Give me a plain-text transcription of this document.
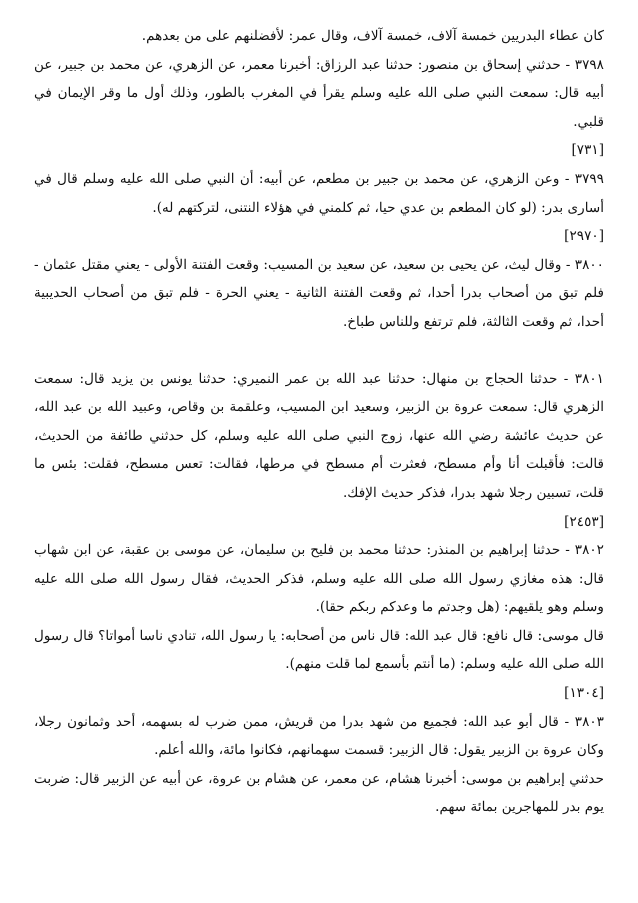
كان عطاء البدريين خمسة آلاف، خمسة آلاف، وقال عمر: لأفضلنهم على من بعدهم.

٣٧٩٨ - حدثني إسحاق بن منصور: حدثنا عبد الرزاق: أخبرنا معمر، عن الزهري، عن محمد بن جبير، عن أبيه قال: سمعت النبي صلى الله عليه وسلم يقرأ في المغرب بالطور، وذلك أول ما وقر الإيمان في قلبي.

[٧٣١]

٣٧٩٩ - وعن الزهري، عن محمد بن جبير بن مطعم، عن أبيه: أن النبي صلى الله عليه وسلم قال في أسارى بدر: (لو كان المطعم بن عدي حيا، ثم كلمني في هؤلاء النتنى، لتركتهم له).

[٢٩٧٠]

٣٨٠٠ - وقال ليث، عن يحيى بن سعيد، عن سعيد بن المسيب: وقعت الفتنة الأولى - يعني مقتل عثمان - فلم تبق من أصحاب بدرا أحدا، ثم وقعت الفتنة الثانية - يعني الحرة - فلم تبق من أصحاب الحديبية أحدا، ثم وقعت الثالثة، فلم ترتفع وللناس طباخ.

٣٨٠١ - حدثنا الحجاج بن منهال: حدثنا عبد الله بن عمر النميري: حدثنا يونس بن يزيد قال: سمعت الزهري قال: سمعت عروة بن الزبير، وسعيد ابن المسيب، وعلقمة بن وقاص، وعبيد الله بن عبد الله، عن حديث عائشة رضي الله عنها، زوج النبي صلى الله عليه وسلم، كل حدثني طائفة من الحديث، قالت: فأقبلت أنا وأم مسطح، فعثرت أم مسطح في مرطها، فقالت: تعس مسطح، فقلت: بئس ما قلت، تسبين رجلا شهد بدرا، فذكر حديث الإفك.

[٢٤٥٣]

٣٨٠٢ - حدثنا إبراهيم بن المنذر: حدثنا محمد بن فليح بن سليمان، عن موسى بن عقبة، عن ابن شهاب قال: هذه مغازي رسول الله صلى الله عليه وسلم، فذكر الحديث، فقال رسول الله صلى الله عليه وسلم وهو يلقيهم: (هل وجدتم ما وعدكم ربكم حقا).

قال موسى: قال نافع: قال عبد الله: قال ناس من أصحابه: يا رسول الله، تنادي ناسا أمواتا؟ قال رسول الله صلى الله عليه وسلم: (ما أنتم بأسمع لما قلت منهم).

[١٣٠٤]

٣٨٠٣ - قال أبو عبد الله: فجميع من شهد بدرا من قريش، ممن ضرب له بسهمه، أحد وثمانون رجلا، وكان عروة بن الزبير يقول: قال الزبير: قسمت سهمانهم، فكانوا مائة، والله أعلم.

حدثني إبراهيم بن موسى: أخبرنا هشام، عن معمر، عن هشام بن عروة، عن أبيه عن الزبير قال: ضربت يوم بدر للمهاجرين بمائة سهم.
